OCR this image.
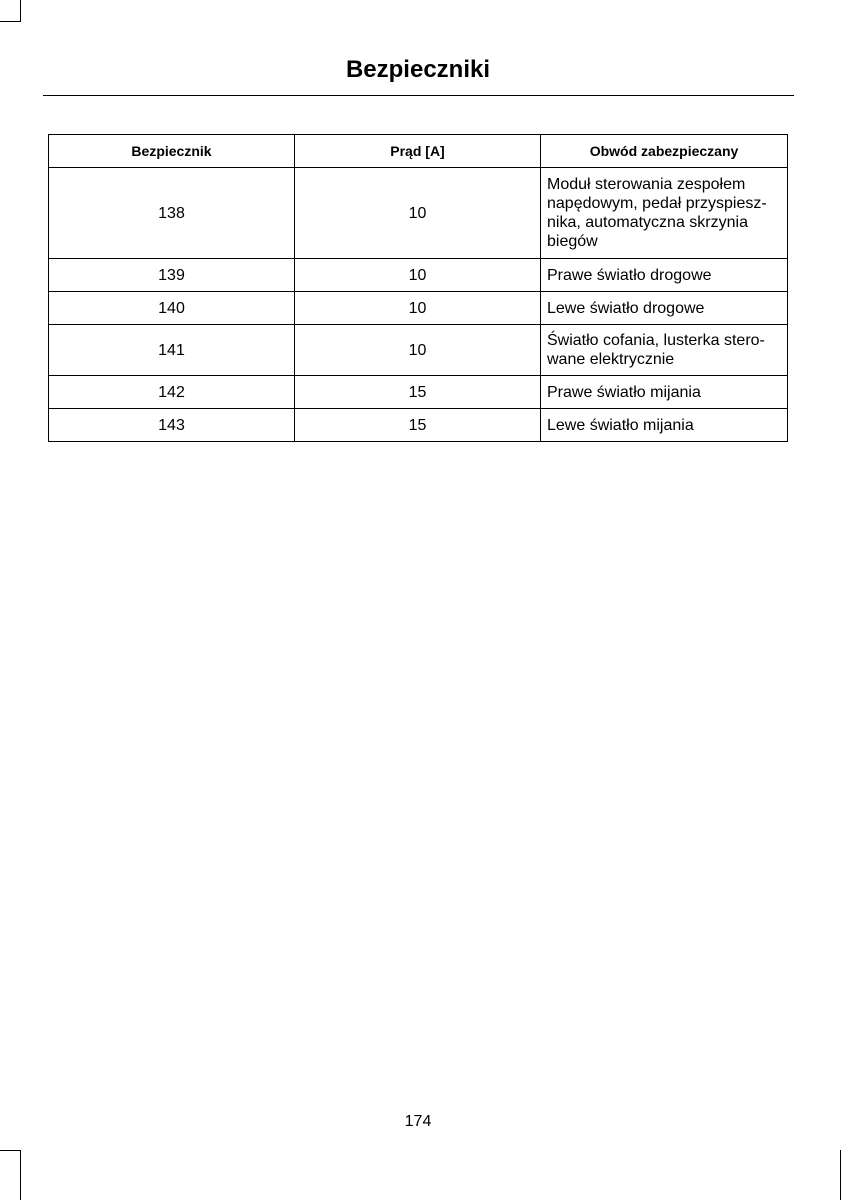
Bezpieczniki
Bezpiecznik	Prąd [A]	Obwód zabezpieczany
138	10	Moduł sterowania zespołem napędowym, pedał przyspiesznika, automatyczna skrzynia biegów
139	10	Prawe światło drogowe
140	10	Lewe światło drogowe
141	10	Światło cofania, lusterka sterowane elektrycznie
142	15	Prawe światło mijania
143	15	Lewe światło mijania
174
